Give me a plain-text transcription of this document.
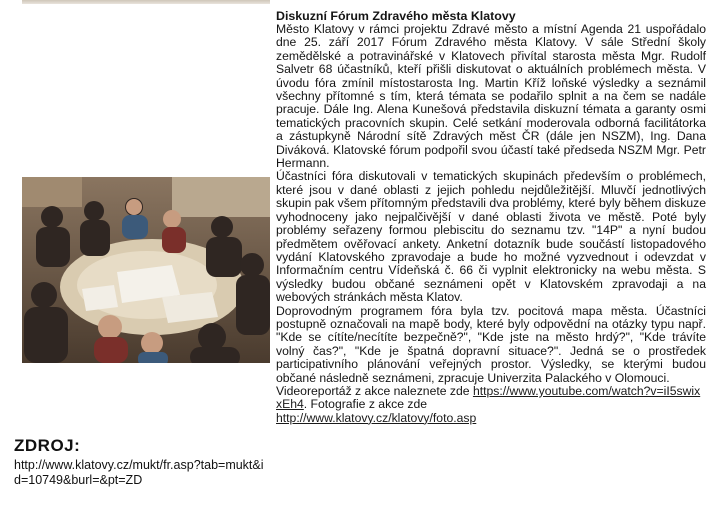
ZDROJ:
http://www.klatovy.cz/mukt/fr.asp?tab=mukt&id=10749&burl=&pt=ZD
Diskuzní Fórum Zdravého města Klatovy

Město Klatovy v rámci projektu Zdravé město a místní Agenda 21 uspořádalo dne 25. září 2017 Fórum Zdravého města Klatovy. V sále Střední školy zemědělské a potravinářské v Klatovech přivítal starosta města Mgr. Rudolf Salvetr 68 účastníků, kteří přišli diskutovat o aktuálních problémech města. V úvodu fóra zmínil místostarosta Ing. Martin Kříž loňské výsledky a seznámil všechny přítomné s tím, která témata se podařilo splnit a na čem se nadále pracuje. Dále Ing. Alena Kunešová představila diskuzní témata a garanty osmi tematických pracovních skupin. Celé setkání moderovala odborná facilitátorka a zástupkyně Národní sítě Zdravých měst ČR (dále jen NSZM), Ing. Dana Diváková. Klatovské fórum podpořil svou účastí také předseda NSZM Mgr. Petr Hermann.

Účastníci fóra diskutovali v tematických skupinách především o problémech, které jsou v dané oblasti z jejich pohledu nejdůležitější. Mluvčí jednotlivých skupin pak všem přítomným představili dva problémy, které byly během diskuze vyhodnoceny jako nejpalčivější v dané oblasti života ve městě. Poté byly problémy seřazeny formou plebiscitu do seznamu tzv. "14P" a nyní budou předmětem ověřovací ankety. Anketní dotazník bude součástí listopadového vydání Klatovského zpravodaje a bude ho možné vyzvednout i odevzdat v Informačním centru Vídeňská č. 66 či vyplnit elektronicky na webu města. S výsledky budou občané seznámeni opět v Klatovském zpravodaji a na webových stránkách města Klatov.

Doprovodným programem fóra byla tzv. pocitová mapa města. Účastníci postupně označovali na mapě body, které byly odpovědní na otázky typu např. "Kde se cítíte/necítíte bezpečně?", "Kde jste na město hrdý?", "Kde trávíte volný čas?", "Kde je špatná dopravní situace?". Jedná se o prostředek participativního plánování veřejných prostor. Výsledky, se kterými budou občané následně seznámeni, zpracuje Univerzita Palackého v Olomouci.

Videoreportáž z akce naleznete zde https://www.youtube.com/watch?v=iI5swixxEh4. Fotografie z akce zde
http://www.klatovy.cz/klatovy/foto.asp
